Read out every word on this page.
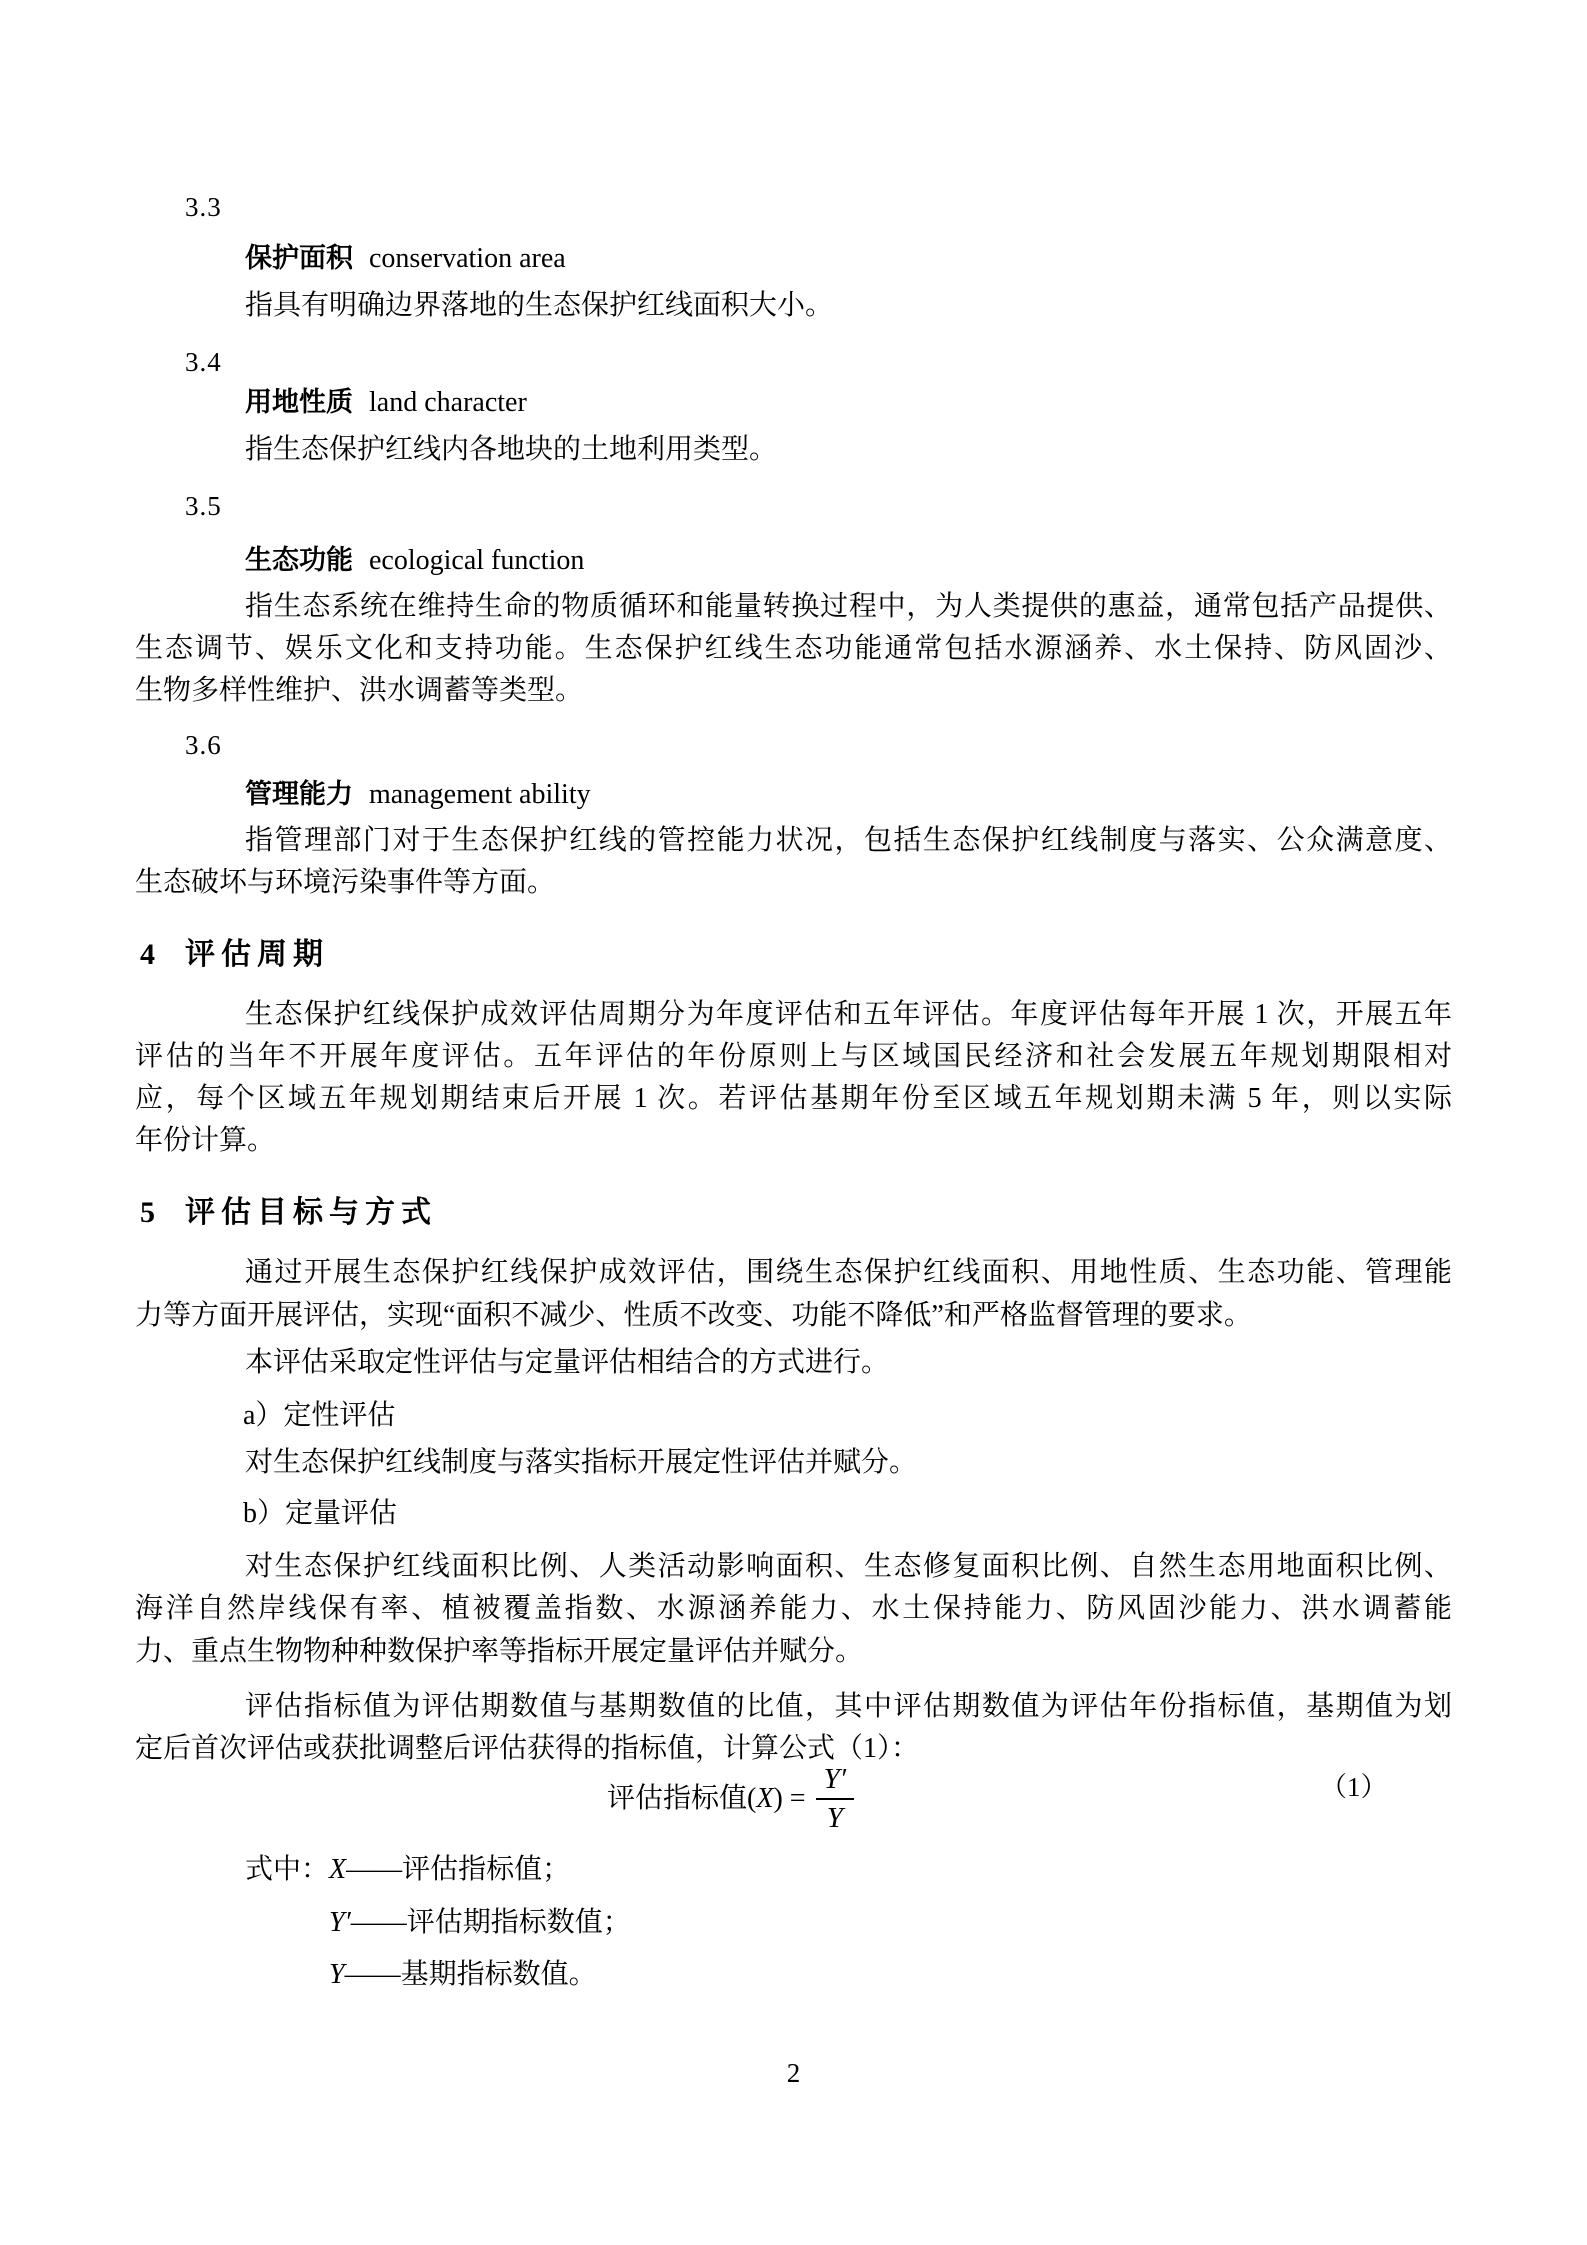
3.3
保护面积 conservation area
指具有明确边界落地的生态保护红线面积大小。
3.4
用地性质 land character
指生态保护红线内各地块的土地利用类型。
3.5
生态功能 ecological function
指生态系统在维持生命的物质循环和能量转换过程中，为人类提供的惠益，通常包括产品提供、
生态调节、娱乐文化和支持功能。生态保护红线生态功能通常包括水源涵养、水土保持、防风固沙、
生物多样性维护、洪水调蓄等类型。
3.6
管理能力 management ability
指管理部门对于生态保护红线的管控能力状况，包括生态保护红线制度与落实、公众满意度、
生态破坏与环境污染事件等方面。
4 评估周期
生态保护红线保护成效评估周期分为年度评估和五年评估。年度评估每年开展 1 次，开展五年
评估的当年不开展年度评估。五年评估的年份原则上与区域国民经济和社会发展五年规划期限相对
应，每个区域五年规划期结束后开展 1 次。若评估基期年份至区域五年规划期未满 5 年，则以实际
年份计算。
5 评估目标与方式
通过开展生态保护红线保护成效评估，围绕生态保护红线面积、用地性质、生态功能、管理能
力等方面开展评估，实现“面积不减少、性质不改变、功能不降低”和严格监督管理的要求。
本评估采取定性评估与定量评估相结合的方式进行。
a）定性评估
对生态保护红线制度与落实指标开展定性评估并赋分。
b）定量评估
对生态保护红线面积比例、人类活动影响面积、生态修复面积比例、自然生态用地面积比例、
海洋自然岸线保有率、植被覆盖指数、水源涵养能力、水土保持能力、防风固沙能力、洪水调蓄能
力、重点生物物种种数保护率等指标开展定量评估并赋分。
评估指标值为评估期数值与基期数值的比值，其中评估期数值为评估年份指标值，基期值为划
定后首次评估或获批调整后评估获得的指标值，计算公式（1）：
评估指标值( X ) = $\frac{Y'}{Y}$	（1）
式中：X——评估指标值；
Y′——评估期指标数值；
Y——基期指标数值。
2
